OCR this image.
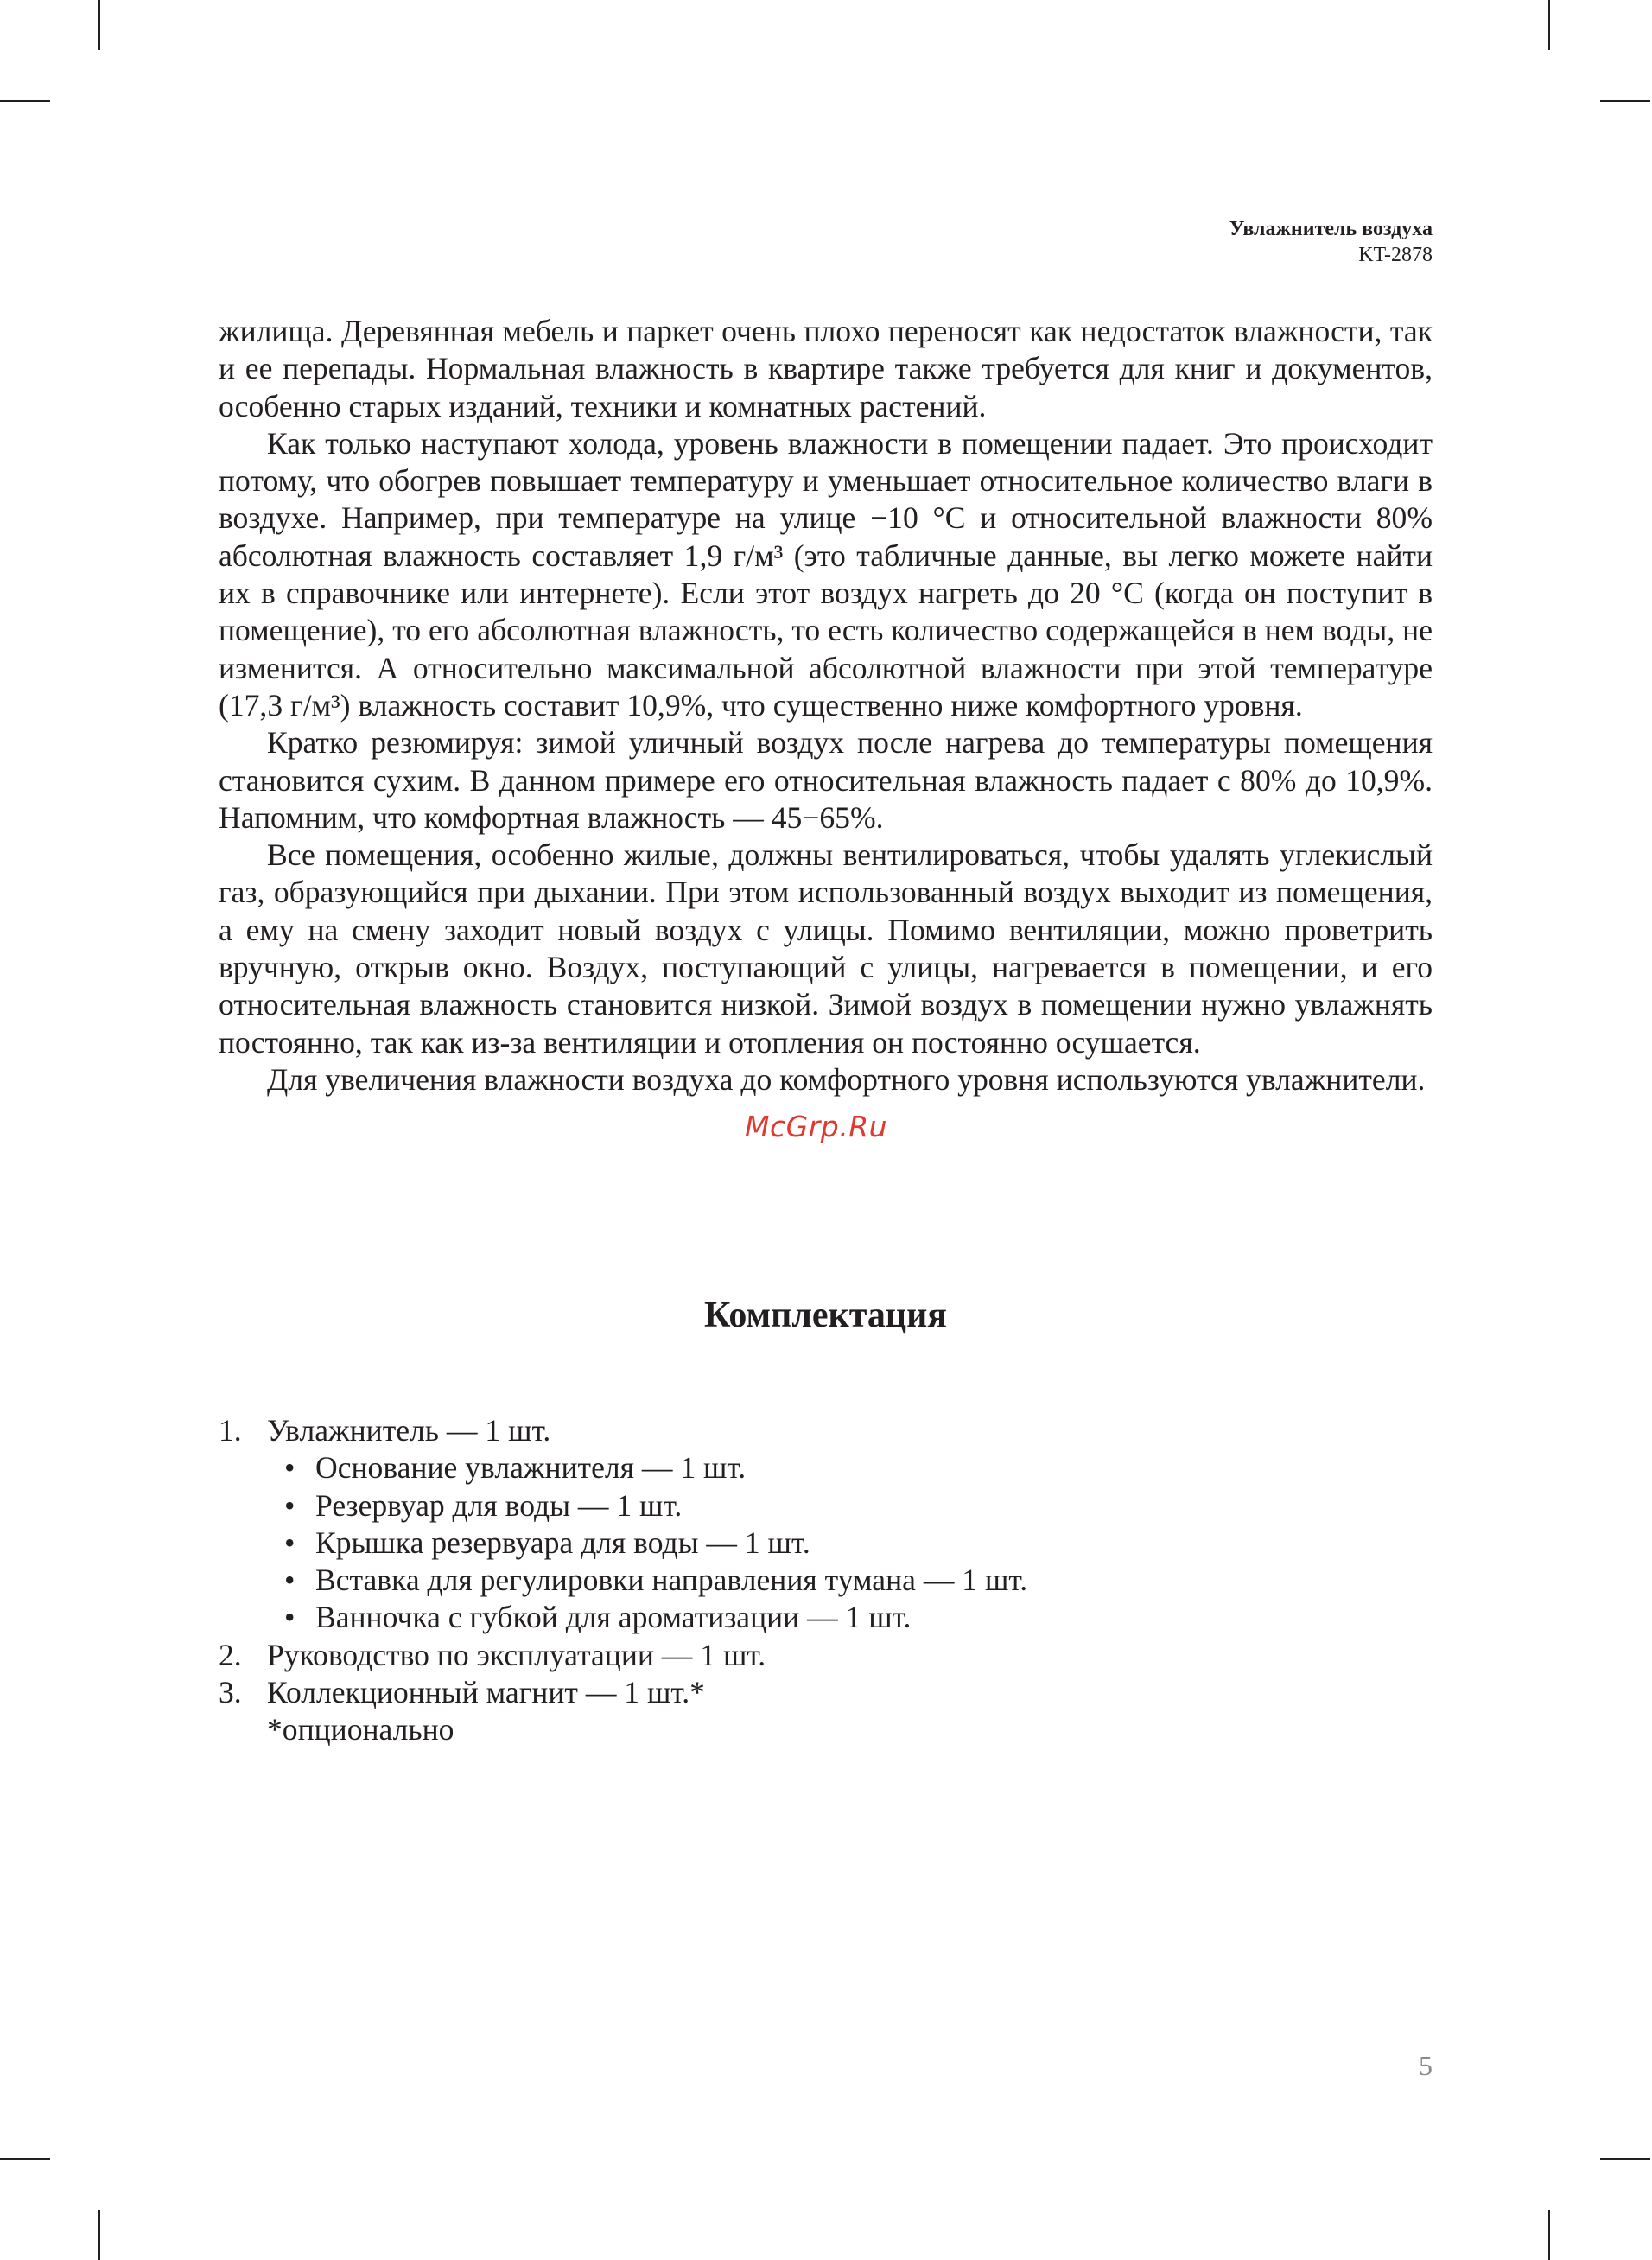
Увлажнитель воздуха
KT-2878

жилища. Деревянная мебель и паркет очень плохо переносят как недостаток влажности, так и ее перепады. Нормальная влажность в квартире также требуется для книг и документов, особенно старых изданий, техники и комнатных растений.

Как только наступают холода, уровень влажности в помещении падает. Это происходит потому, что обогрев повышает температуру и уменьшает относительное количество влаги в воздухе. Например, при температуре на улице −10 °С и относительной влажности 80% абсолютная влажность составляет 1,9 г/м³ (это табличные данные, вы легко можете найти их в справочнике или интернете). Если этот воздух нагреть до 20 °С (когда он поступит в помещение), то его абсолютная влажность, то есть количество содержащейся в нем воды, не изменится. А относительно максимальной абсолютной влажности при этой температуре (17,3 г/м³) влажность составит 10,9%, что существенно ниже комфортного уровня.

Кратко резюмируя: зимой уличный воздух после нагрева до температуры помещения становится сухим. В данном примере его относительная влажность падает с 80% до 10,9%. Напомним, что комфортная влажность — 45−65%.

Все помещения, особенно жилые, должны вентилироваться, чтобы удалять углекислый газ, образующийся при дыхании. При этом использованный воздух выходит из помещения, а ему на смену заходит новый воздух с улицы. Помимо вентиляции, можно проветрить вручную, открыв окно. Воздух, поступающий с улицы, нагревается в помещении, и его относительная влажность становится низкой. Зимой воздух в помещении нужно увлажнять постоянно, так как из-за вентиляции и отопления он постоянно осушается.

Для увеличения влажности воздуха до комфортного уровня используются увлажнители.

McGrp.Ru
Комплектация
1. Увлажнитель — 1 шт.
• Основание увлажнителя — 1 шт.
• Резервуар для воды — 1 шт.
• Крышка резервуара для воды — 1 шт.
• Вставка для регулировки направления тумана — 1 шт.
• Ванночка с губкой для ароматизации — 1 шт.
2. Руководство по эксплуатации — 1 шт.
3. Коллекционный магнит — 1 шт.*
*опционально
5
